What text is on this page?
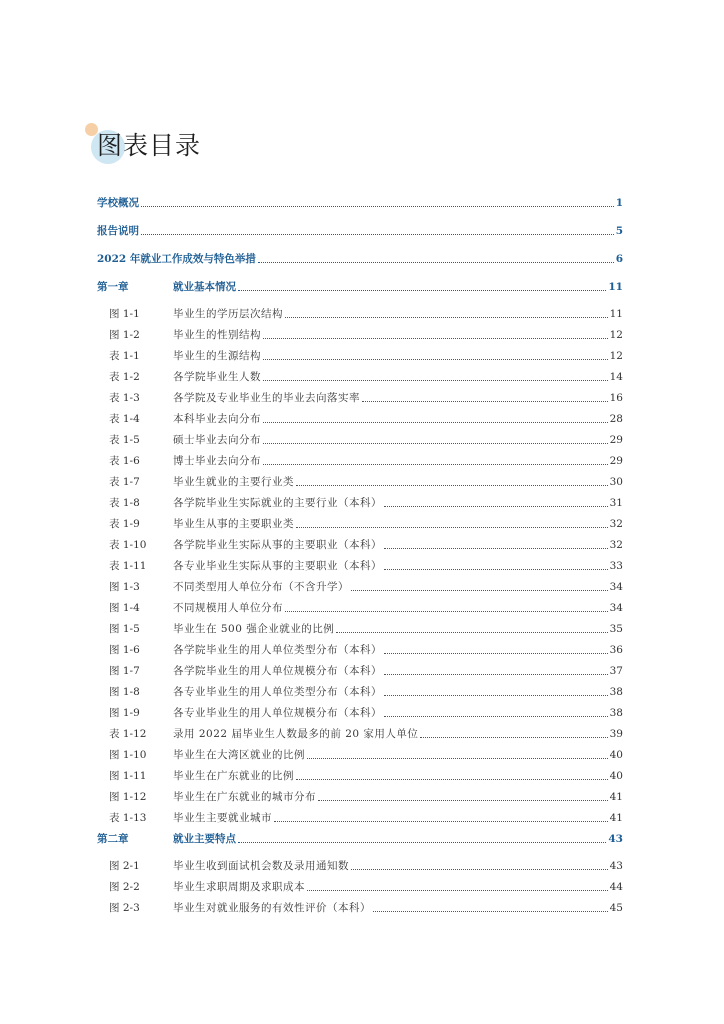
图表目录
学校概况	1
报告说明	5
2022 年就业工作成效与特色举措	6
第一章	就业基本情况	11
图 1-1	毕业生的学历层次结构	11
图 1-2	毕业生的性别结构	12
表 1-1	毕业生的生源结构	12
表 1-2	各学院毕业生人数	14
表 1-3	各学院及专业毕业生的毕业去向落实率	16
表 1-4	本科毕业去向分布	28
表 1-5	硕士毕业去向分布	29
表 1-6	博士毕业去向分布	29
表 1-7	毕业生就业的主要行业类	30
表 1-8	各学院毕业生实际就业的主要行业（本科）	31
表 1-9	毕业生从事的主要职业类	32
表 1-10	各学院毕业生实际从事的主要职业（本科）	32
表 1-11	各专业毕业生实际从事的主要职业（本科）	33
图 1-3	不同类型用人单位分布（不含升学）	34
图 1-4	不同规模用人单位分布	34
图 1-5	毕业生在 500 强企业就业的比例	35
图 1-6	各学院毕业生的用人单位类型分布（本科）	36
图 1-7	各学院毕业生的用人单位规模分布（本科）	37
图 1-8	各专业毕业生的用人单位类型分布（本科）	38
图 1-9	各专业毕业生的用人单位规模分布（本科）	38
表 1-12	录用 2022 届毕业生人数最多的前 20 家用人单位	39
图 1-10	毕业生在大湾区就业的比例	40
图 1-11	毕业生在广东就业的比例	40
图 1-12	毕业生在广东就业的城市分布	41
表 1-13	毕业生主要就业城市	41
第二章	就业主要特点	43
图 2-1	毕业生收到面试机会数及录用通知数	43
图 2-2	毕业生求职周期及求职成本	44
图 2-3	毕业生对就业服务的有效性评价（本科）	45
